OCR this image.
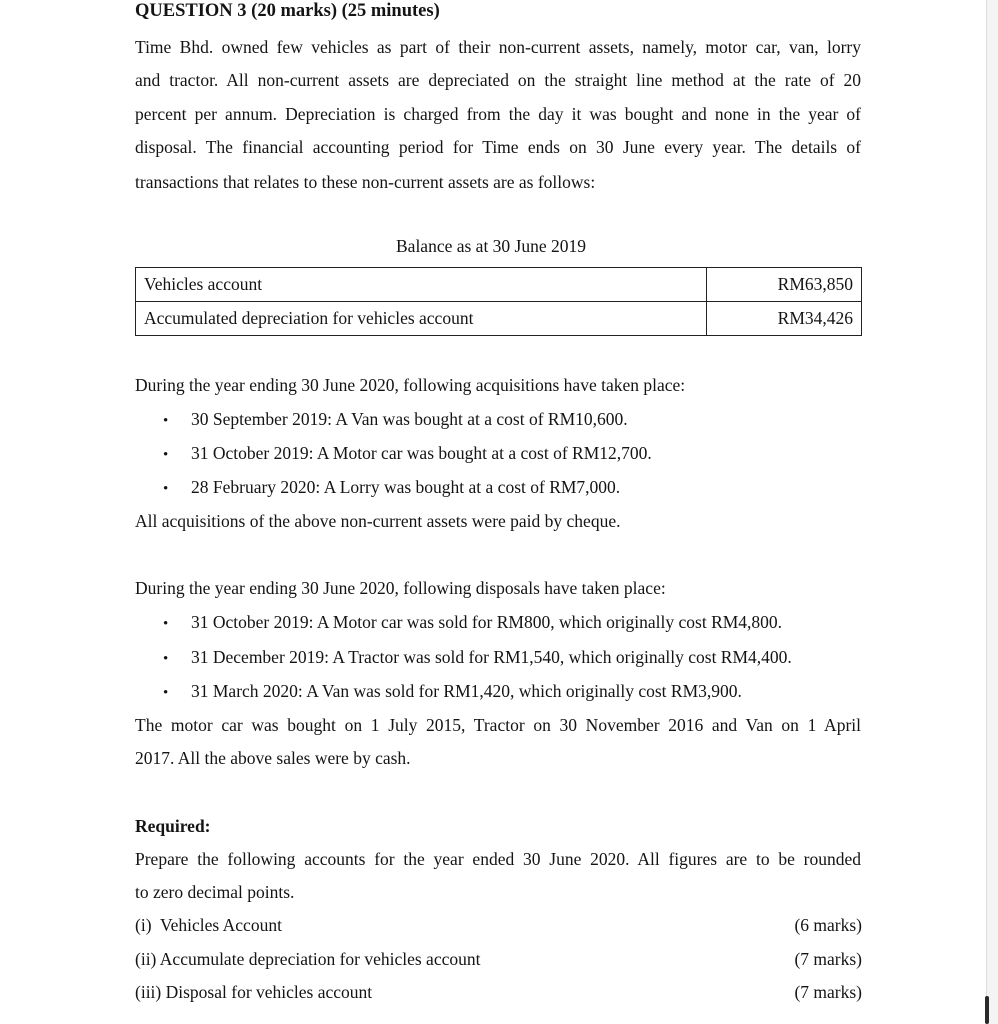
QUESTION 3 (20 marks) (25 minutes)
Time Bhd. owned few vehicles as part of their non-current assets, namely, motor car, van, lorry
and tractor. All non-current assets are depreciated on the straight line method at the rate of 20
percent per annum. Depreciation is charged from the day it was bought and none in the year of
disposal. The financial accounting period for Time ends on 30 June every year. The details of
transactions that relates to these non-current assets are as follows:
Balance as at 30 June 2019
Vehicles account	RM63,850
Accumulated depreciation for vehicles account	RM34,426
During the year ending 30 June 2020, following acquisitions have taken place:
• 30 September 2019: A Van was bought at a cost of RM10,600.
• 31 October 2019: A Motor car was bought at a cost of RM12,700.
• 28 February 2020: A Lorry was bought at a cost of RM7,000.
All acquisitions of the above non-current assets were paid by cheque.
During the year ending 30 June 2020, following disposals have taken place:
• 31 October 2019: A Motor car was sold for RM800, which originally cost RM4,800.
• 31 December 2019: A Tractor was sold for RM1,540, which originally cost RM4,400.
• 31 March 2020: A Van was sold for RM1,420, which originally cost RM3,900.
The motor car was bought on 1 July 2015, Tractor on 30 November 2016 and Van on 1 April
2017. All the above sales were by cash.
Required:
Prepare the following accounts for the year ended 30 June 2020. All figures are to be rounded
to zero decimal points.
(i)  Vehicles Account	(6 marks)
(ii) Accumulate depreciation for vehicles account	(7 marks)
(iii) Disposal for vehicles account	(7 marks)
